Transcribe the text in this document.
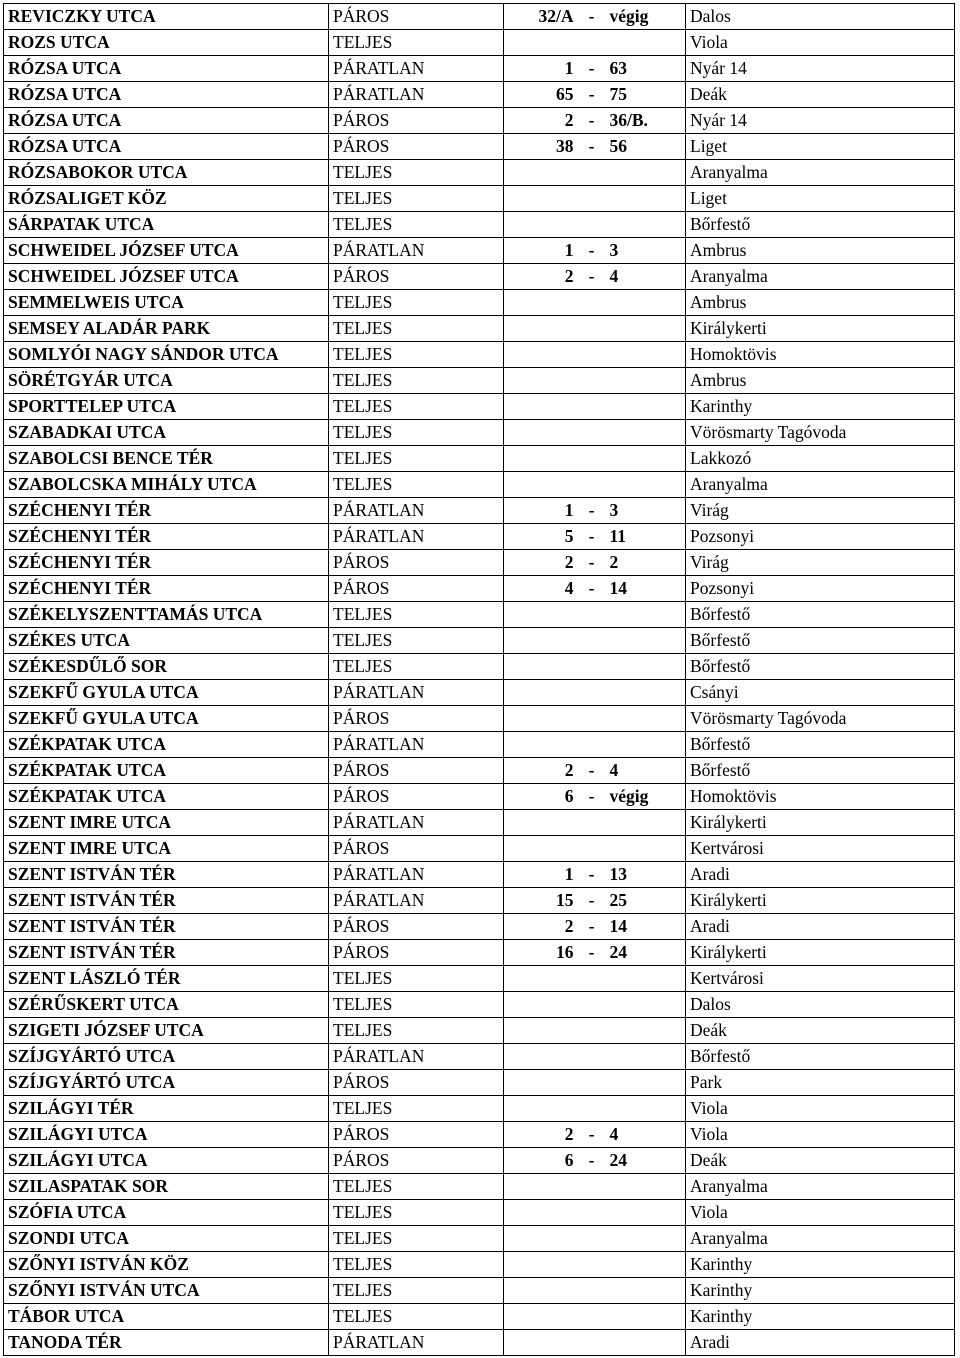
REVICZKY UTCA	PÁROS	32/A	-	végig	Dalos
ROZS UTCA	TELJES				Viola
RÓZSA UTCA	PÁRATLAN	1	-	63	Nyár 14
RÓZSA UTCA	PÁRATLAN	65	-	75	Deák
RÓZSA UTCA	PÁROS	2	-	36/B.	Nyár 14
RÓZSA UTCA	PÁROS	38	-	56	Liget
RÓZSABOKOR UTCA	TELJES				Aranyalma
RÓZSALIGET KÖZ	TELJES				Liget
SÁRPATAK UTCA	TELJES				Bőrfestő
SCHWEIDEL JÓZSEF UTCA	PÁRATLAN	1	-	3	Ambrus
SCHWEIDEL JÓZSEF UTCA	PÁROS	2	-	4	Aranyalma
SEMMELWEIS UTCA	TELJES				Ambrus
SEMSEY ALADÁR PARK	TELJES				Királykerti
SOMLYÓI NAGY SÁNDOR UTCA	TELJES				Homoktövis
SÖRÉTGYÁR UTCA	TELJES				Ambrus
SPORTTELEP UTCA	TELJES				Karinthy
SZABADKAI UTCA	TELJES				Vörösmarty Tagóvoda
SZABOLCSI BENCE TÉR	TELJES				Lakkozó
SZABOLCSKA MIHÁLY UTCA	TELJES				Aranyalma
SZÉCHENYI TÉR	PÁRATLAN	1	-	3	Virág
SZÉCHENYI TÉR	PÁRATLAN	5	-	11	Pozsonyi
SZÉCHENYI TÉR	PÁROS	2	-	2	Virág
SZÉCHENYI TÉR	PÁROS	4	-	14	Pozsonyi
SZÉKELYSZENTTAMÁS UTCA	TELJES				Bőrfestő
SZÉKES UTCA	TELJES				Bőrfestő
SZÉKESDŰLŐ SOR	TELJES				Bőrfestő
SZEKFŰ GYULA UTCA	PÁRATLAN				Csányi
SZEKFŰ GYULA UTCA	PÁROS				Vörösmarty Tagóvoda
SZÉKPATAK UTCA	PÁRATLAN				Bőrfestő
SZÉKPATAK UTCA	PÁROS	2	-	4	Bőrfestő
SZÉKPATAK UTCA	PÁROS	6	-	végig	Homoktövis
SZENT IMRE UTCA	PÁRATLAN				Királykerti
SZENT IMRE UTCA	PÁROS				Kertvárosi
SZENT ISTVÁN TÉR	PÁRATLAN	1	-	13	Aradi
SZENT ISTVÁN TÉR	PÁRATLAN	15	-	25	Királykerti
SZENT ISTVÁN TÉR	PÁROS	2	-	14	Aradi
SZENT ISTVÁN TÉR	PÁROS	16	-	24	Királykerti
SZENT LÁSZLÓ TÉR	TELJES				Kertvárosi
SZÉRŰSKERT UTCA	TELJES				Dalos
SZIGETI JÓZSEF UTCA	TELJES				Deák
SZÍJGYÁRTÓ UTCA	PÁRATLAN				Bőrfestő
SZÍJGYÁRTÓ UTCA	PÁROS				Park
SZILÁGYI TÉR	TELJES				Viola
SZILÁGYI UTCA	PÁROS	2	-	4	Viola
SZILÁGYI UTCA	PÁROS	6	-	24	Deák
SZILASPATAK SOR	TELJES				Aranyalma
SZÓFIA UTCA	TELJES				Viola
SZONDI UTCA	TELJES				Aranyalma
SZŐNYI ISTVÁN KÖZ	TELJES				Karinthy
SZŐNYI ISTVÁN UTCA	TELJES				Karinthy
TÁBOR UTCA	TELJES				Karinthy
TANODA TÉR	PÁRATLAN				Aradi
